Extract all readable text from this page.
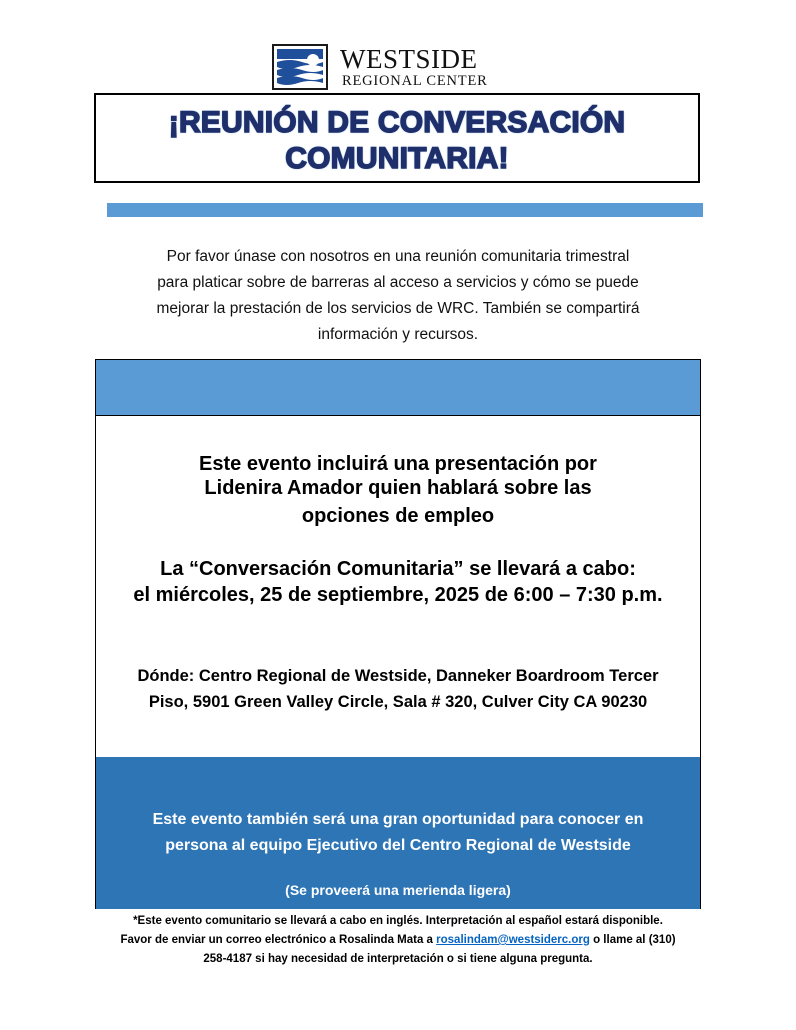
WESTSIDE
REGIONAL CENTER
¡REUNIÓN DE CONVERSACIÓN
COMUNITARIA!
Por favor únase con nosotros en una reunión comunitaria trimestral
para platicar sobre de barreras al acceso a servicios y cómo se puede
mejorar la prestación de los servicios de WRC. También se compartirá
información y recursos.
Este evento incluirá una presentación por
Lidenira Amador quien hablará sobre las
opciones de empleo
La “Conversación Comunitaria” se llevará a cabo:
el miércoles, 25 de septiembre, 2025 de 6:00 – 7:30 p.m.
Dónde: Centro Regional de Westside, Danneker Boardroom Tercer
Piso, 5901 Green Valley Circle, Sala # 320, Culver City CA 90230
Este evento también será una gran oportunidad para conocer en
persona al equipo Ejecutivo del Centro Regional de Westside
(Se proveerá una merienda ligera)
*Este evento comunitario se llevará a cabo en inglés. Interpretación al español estará disponible.
Favor de enviar un correo electrónico a Rosalinda Mata a rosalindam@westsiderc.org o llame al (310)
258-4187 si hay necesidad de interpretación o si tiene alguna pregunta.
